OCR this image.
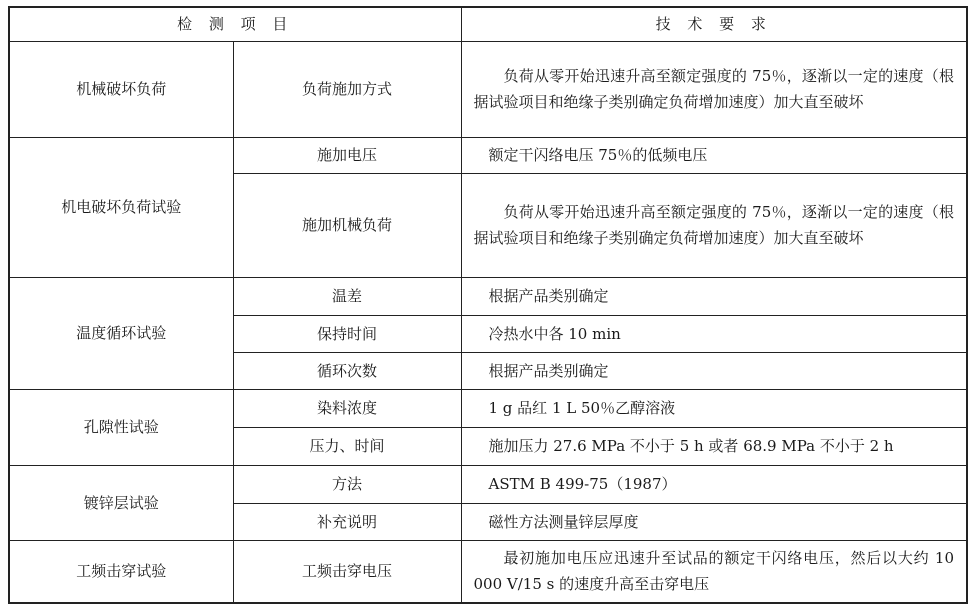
检 测 项 目		技 术 要 求
机械破坏负荷	负荷施加方式	负荷从零开始迅速升高至额定强度的 75％，逐渐以一定的速度（根据试验项目和绝缘子类别确定负荷增加速度）加大直至破坏

机电破坏负荷试验	施加电压	额定干闪络电压 75％的低频电压

	施加机械负荷	负荷从零开始迅速升高至额定强度的 75％，逐渐以一定的速度（根据试验项目和绝缘子类别确定负荷增加速度）加大直至破坏

温度循环试验	温差	根据产品类别确定

	保持时间	冷热水中各 10 min

	循环次数	根据产品类别确定

孔隙性试验	染料浓度	1 g 品红 1 L 50％乙醇溶液

	压力、时间	施加压力 27.6 MPa 不小于 5 h 或者 68.9 MPa 不小于 2 h

镀锌层试验	方法	ASTM B 499-75（1987）

	补充说明	磁性方法测量锌层厚度

工频击穿试验	工频击穿电压	最初施加电压应迅速升至试品的额定干闪络电压，然后以大约 10 000 V/15 s 的速度升高至击穿电压
